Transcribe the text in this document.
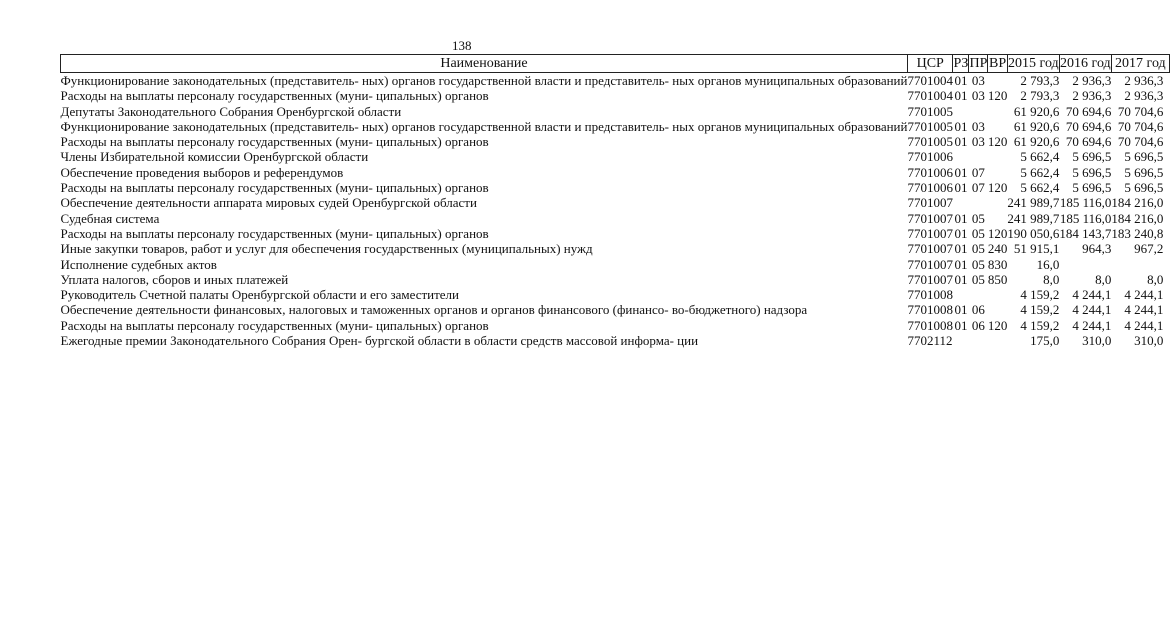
138
Наименование	ЦСР	РЗ	ПР	ВР	2015 год	2016 год	2017 год
Функционирование законодательных (представитель- ных) органов государственной власти и представитель- ных органов муниципальных образований	7701004	01	03		2 793,3	2 936,3	2 936,3
Расходы на выплаты персоналу государственных (муни- ципальных) органов	7701004	01	03	120	2 793,3	2 936,3	2 936,3
Депутаты Законодательного Собрания Оренбургской области	7701005				61 920,6	70 694,6	70 704,6
Функционирование законодательных (представитель- ных) органов государственной власти и представитель- ных органов муниципальных образований	7701005	01	03		61 920,6	70 694,6	70 704,6
Расходы на выплаты персоналу государственных (муни- ципальных) органов	7701005	01	03	120	61 920,6	70 694,6	70 704,6
Члены Избирательной комиссии Оренбургской области	7701006				5 662,4	5 696,5	5 696,5
Обеспечение проведения выборов и референдумов	7701006	01	07		5 662,4	5 696,5	5 696,5
Расходы на выплаты персоналу государственных (муни- ципальных) органов	7701006	01	07	120	5 662,4	5 696,5	5 696,5
Обеспечение деятельности аппарата мировых судей Оренбургской области	7701007				241 989,7	185 116,0	184 216,0
Судебная система	7701007	01	05		241 989,7	185 116,0	184 216,0
Расходы на выплаты персоналу государственных (муни- ципальных) органов	7701007	01	05	120	190 050,6	184 143,7	183 240,8
Иные закупки товаров, работ и услуг для обеспечения государственных (муниципальных) нужд	7701007	01	05	240	51 915,1	964,3	967,2
Исполнение судебных актов	7701007	01	05	830	16,0		
Уплата налогов, сборов и иных платежей	7701007	01	05	850	8,0	8,0	8,0
Руководитель Счетной палаты Оренбургской области и его заместители	7701008				4 159,2	4 244,1	4 244,1
Обеспечение деятельности финансовых, налоговых и таможенных органов и органов финансового (финансо- во-бюджетного) надзора	7701008	01	06		4 159,2	4 244,1	4 244,1
Расходы на выплаты персоналу государственных (муни- ципальных) органов	7701008	01	06	120	4 159,2	4 244,1	4 244,1
Ежегодные премии Законодательного Собрания Орен- бургской области в области средств массовой информа- ции	7702112				175,0	310,0	310,0
